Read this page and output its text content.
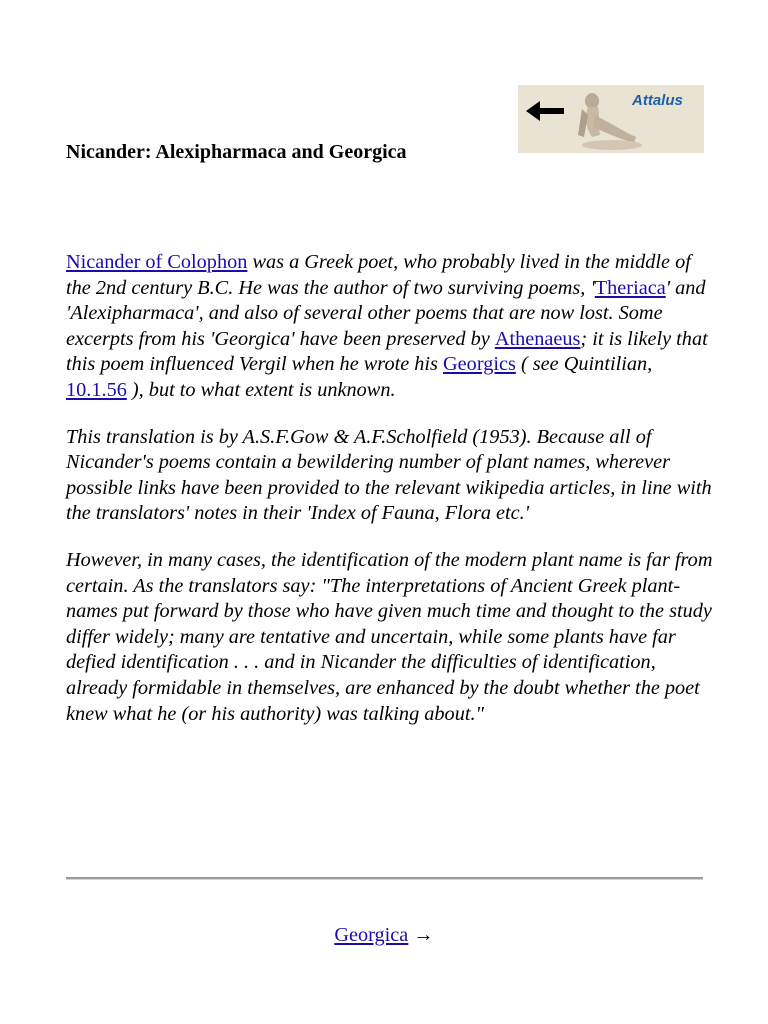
Nicander: Alexipharmaca and Georgica
Attalus

Nicander of Colophon was a Greek poet, who probably lived in the middle of the 2nd century B.C. He was the author of two surviving poems, 'Theriaca' and 'Alexipharmaca', and also of several other poems that are now lost. Some excerpts from his 'Georgica' have been preserved by Athenaeus; it is likely that this poem influenced Vergil when he wrote his Georgics ( see Quintilian, 10.1.56 ), but to what extent is unknown.

This translation is by A.S.F.Gow & A.F.Scholfield (1953). Because all of Nicander's poems contain a bewildering number of plant names, wherever possible links have been provided to the relevant wikipedia articles, in line with the translators' notes in their 'Index of Fauna, Flora etc.'

However, in many cases, the identification of the modern plant name is far from certain. As the translators say: "The interpretations of Ancient Greek plant-names put forward by those who have given much time and thought to the study differ widely; many are tentative and uncertain, while some plants have far defied identification . . . and in Nicander the difficulties of identification, already formidable in themselves, are enhanced by the doubt whether the poet knew what he (or his authority) was talking about."

Georgica →
